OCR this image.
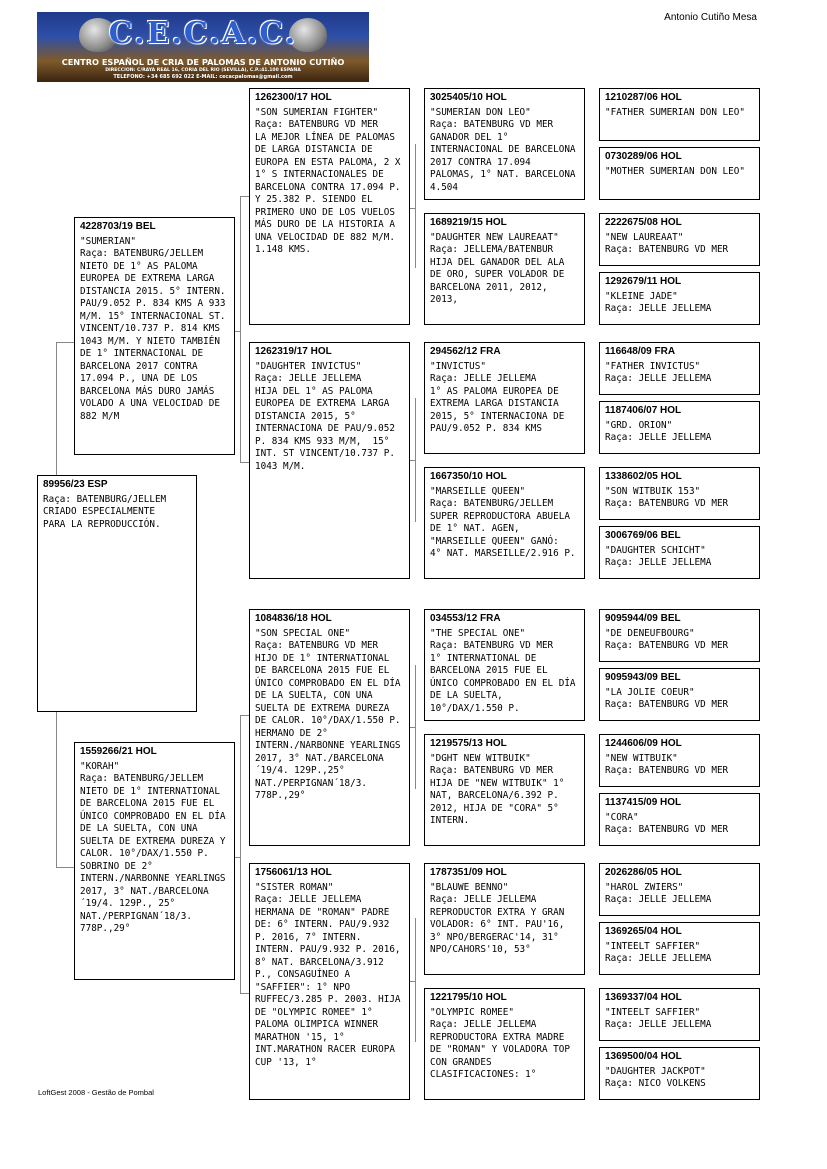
C.E.C.A.C.
CENTRO ESPAÑOL DE CRIA DE PALOMAS DE ANTONIO CUTIÑO
DIRECCION: C/RAYA REAL 16, CORIA DEL RIO (SEVILLA), C.P.:41.100 ESPAÑA
TELEFONO: +34 685 692 022 E-MAIL: cecacpalomas@gmail.com
Antonio Cutiño Mesa
89956/23 ESP
Raça: BATENBURG/JELLEM
CRIADO ESPECIALMENTE
PARA LA REPRODUCCIÓN.
4228703/19 BEL
"SUMERIAN"
Raça: BATENBURG/JELLEM
NIETO DE 1° AS PALOMA EUROPEA DE EXTREMA LARGA DISTANCIA 2015. 5° INTERN. PAU/9.052 P. 834 KMS A 933 M/M. 15° INTERNACIONAL ST. VINCENT/10.737 P. 814 KMS 1043 M/M. Y NIETO TAMBIÉN DE 1° INTERNACIONAL DE BARCELONA 2017 CONTRA 17.094 P., UNA DE LOS BARCELONA MÁS DURO JAMÁS VOLADO A UNA VELOCIDAD DE 882 M/M
1559266/21 HOL
"KORAH"
Raça: BATENBURG/JELLEM
NIETO DE 1° INTERNATIONAL DE BARCELONA 2015 FUE EL ÚNICO COMPROBADO EN EL DÍA DE LA SUELTA, CON UNA SUELTA DE EXTREMA DUREZA Y CALOR. 10°/DAX/1.550 P. SOBRINO DE 2° INTERN./NARBONNE YEARLINGS 2017, 3° NAT./BARCELONA´19/4. 129P., 25° NAT./PERPIGNAN´18/3. 778P.,29°
1262300/17 HOL
"SON SUMERIAN FIGHTER"
Raça: BATENBURG VD MER
LA MEJOR LÍNEA DE PALOMAS DE LARGA DISTANCIA DE EUROPA EN ESTA PALOMA, 2 X 1° S INTERNACIONALES DE BARCELONA CONTRA 17.094 P. Y 25.382 P. SIENDO EL PRIMERO UNO DE LOS VUELOS MÁS DURO DE LA HISTORIA A UNA VELOCIDAD DE 882 M/M. 1.148 KMS.
1262319/17 HOL
"DAUGHTER INVICTUS"
Raça: JELLE JELLEMA
HIJA DEL 1° AS PALOMA EUROPEA DE EXTREMA LARGA DISTANCIA 2015, 5° INTERNACIONA DE PAU/9.052 P. 834 KMS 933 M/M,  15° INT. ST VINCENT/10.737 P. 1043 M/M.
1084836/18 HOL
"SON SPECIAL ONE"
Raça: BATENBURG VD MER
HIJO DE 1° INTERNATIONAL DE BARCELONA 2015 FUE EL ÚNICO COMPROBADO EN EL DÍA DE LA SUELTA, CON UNA SUELTA DE EXTREMA DUREZA DE CALOR. 10°/DAX/1.550 P. HERMANO DE 2° INTERN./NARBONNE YEARLINGS 2017, 3° NAT./BARCELONA´19/4. 129P.,25° NAT./PERPIGNAN´18/3. 778P.,29°
1756061/13 HOL
"SISTER ROMAN"
Raça: JELLE JELLEMA
HERMANA DE "ROMAN" PADRE DE: 6° INTERN. PAU/9.932 P. 2016, 7° INTERN. INTERN. PAU/9.932 P. 2016, 8° NAT. BARCELONA/3.912 P., CONSAGUÍNEO A "SAFFIER": 1° NPO RUFFEC/3.285 P. 2003. HIJA DE "OLYMPIC ROMEE" 1° PALOMA OLIMPICA WINNER MARATHON '15, 1° INT.MARATHON RACER EUROPA CUP '13, 1°
3025405/10 HOL
"SUMERIAN DON LEO"
Raça: BATENBURG VD MER
GANADOR DEL 1° INTERNACIONAL DE BARCELONA 2017 CONTRA 17.094 PALOMAS, 1° NAT. BARCELONA 4.504
1689219/15 HOL
"DAUGHTER NEW LAUREAAT"
Raça: JELLEMA/BATENBUR
HIJA DEL GANADOR DEL ALA DE ORO, SUPER VOLADOR DE BARCELONA 2011, 2012, 2013,
294562/12 FRA
"INVICTUS"
Raça: JELLE JELLEMA
1° AS PALOMA EUROPEA DE EXTREMA LARGA DISTANCIA 2015, 5° INTERNACIONA DE PAU/9.052 P. 834 KMS
1667350/10 HOL
"MARSEILLE QUEEN"
Raça: BATENBURG/JELLEM
SUPER REPRODUCTORA ABUELA DE 1° NAT. AGEN, "MARSEILLE QUEEN" GANÓ:  4° NAT. MARSEILLE/2.916 P.
034553/12 FRA
"THE SPECIAL ONE"
Raça: BATENBURG VD MER
1° INTERNATIONAL DE BARCELONA 2015 FUE EL ÚNICO COMPROBADO EN EL DÍA DE LA SUELTA, 10°/DAX/1.550 P.
1219575/13 HOL
"DGHT NEW WITBUIK"
Raça: BATENBURG VD MER
HIJA DE "NEW WITBUIK" 1° NAT, BARCELONA/6.392 P. 2012, HIJA DE "CORA" 5° INTERN.
1787351/09 HOL
"BLAUWE BENNO"
Raça: JELLE JELLEMA
REPRODUCTOR EXTRA Y GRAN VOLADOR: 6° INT. PAU'16, 3° NPO/BERGERAC'14, 31° NPO/CAHORS'10, 53°
1221795/10 HOL
"OLYMPIC ROMEE"
Raça: JELLE JELLEMA
REPRODUCTORA EXTRA MADRE DE "ROMAN" Y VOLADORA TOP CON GRANDES CLASIFICACIONES: 1°
1210287/06 HOL
"FATHER SUMERIAN DON LEO"
0730289/06 HOL
"MOTHER SUMERIAN DON LEO"
2222675/08 HOL
"NEW LAUREAAT"
Raça: BATENBURG VD MER
1292679/11 HOL
"KLEINE JADE"
Raça: JELLE JELLEMA
116648/09 FRA
"FATHER INVICTUS"
Raça: JELLE JELLEMA
1187406/07 HOL
"GRD. ORION"
Raça: JELLE JELLEMA
1338602/05 HOL
"SON WITBUIK 153"
Raça: BATENBURG VD MER
3006769/06 BEL
"DAUGHTER SCHICHT"
Raça: JELLE JELLEMA
9095944/09 BEL
"DE DENEUFBOURG"
Raça: BATENBURG VD MER
9095943/09 BEL
"LA JOLIE COEUR"
Raça: BATENBURG VD MER
1244606/09 HOL
"NEW WITBUIK"
Raça: BATENBURG VD MER
1137415/09 HOL
"CORA"
Raça: BATENBURG VD MER
2026286/05 HOL
"HAROL ZWIERS"
Raça: JELLE JELLEMA
1369265/04 HOL
"INTEELT SAFFIER"
Raça: JELLE JELLEMA
1369337/04 HOL
"INTEELT SAFFIER"
Raça: JELLE JELLEMA
1369500/04 HOL
"DAUGHTER JACKPOT"
Raça: NICO VOLKENS
LoftGest 2008 - Gestão de Pombal
